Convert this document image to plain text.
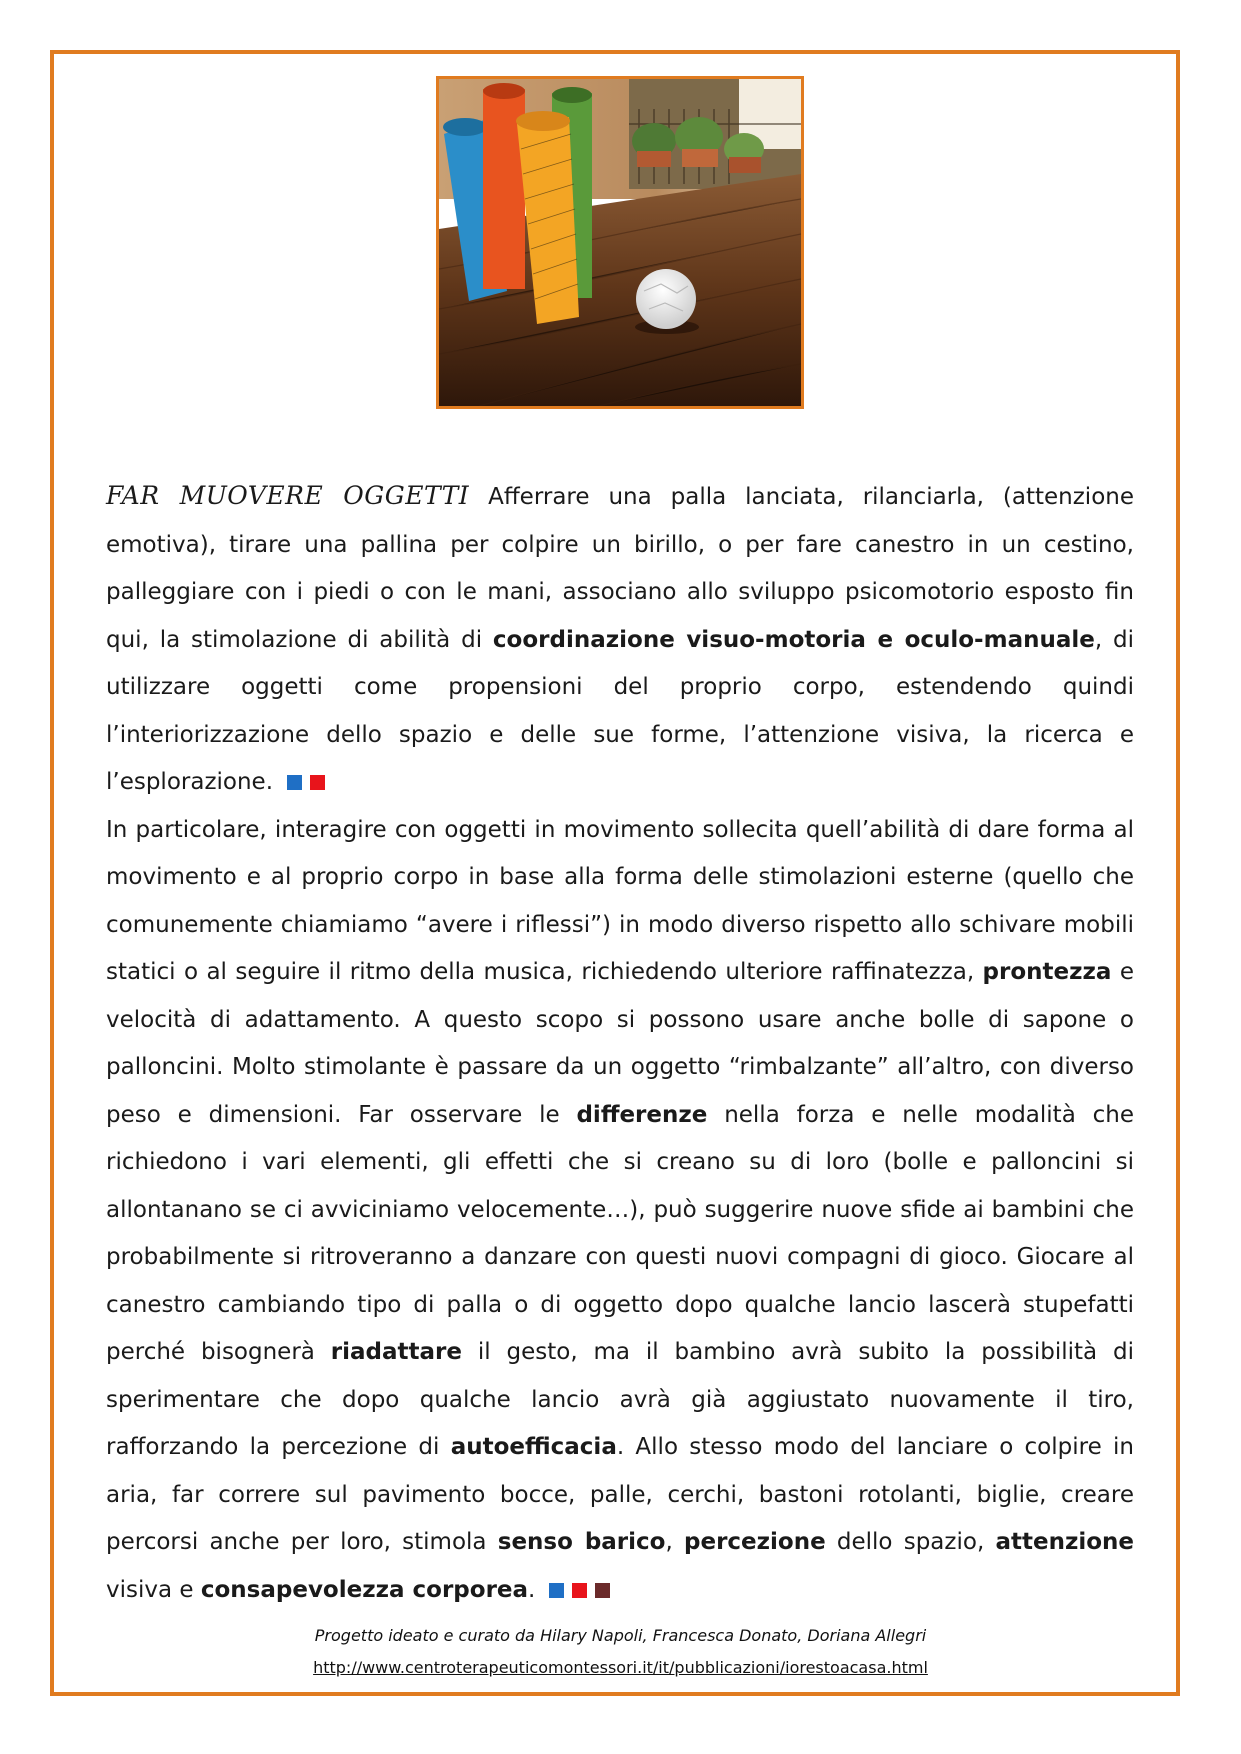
FAR MUOVERE OGGETTI Afferrare una palla lanciata, rilanciarla, (attenzione emotiva), tirare una pallina per colpire un birillo, o per fare canestro in un cestino, palleggiare con i piedi o con le mani, associano allo sviluppo psicomotorio esposto fin qui, la stimolazione di abilità di coordinazione visuo-motoria e oculo-manuale, di utilizzare oggetti come propensioni del proprio corpo, estendendo quindi l’interiorizzazione dello spazio e delle sue forme, l’attenzione visiva, la ricerca e l’esplorazione.

In particolare, interagire con oggetti in movimento sollecita quell’abilità di dare forma al movimento e al proprio corpo in base alla forma delle stimolazioni esterne (quello che comunemente chiamiamo “avere i riflessi”) in modo diverso rispetto allo schivare mobili statici o al seguire il ritmo della musica, richiedendo ulteriore raffinatezza, prontezza e velocità di adattamento. A questo scopo si possono usare anche bolle di sapone o palloncini. Molto stimolante è passare da un oggetto “rimbalzante” all’altro, con diverso peso e dimensioni. Far osservare le differenze nella forza e nelle modalità che richiedono i vari elementi, gli effetti che si creano su di loro (bolle e palloncini si allontanano se ci avviciniamo velocemente…), può suggerire nuove sfide ai bambini che probabilmente si ritroveranno a danzare con questi nuovi compagni di gioco. Giocare al canestro cambiando tipo di palla o di oggetto dopo qualche lancio lascerà stupefatti perché bisognerà riadattare il gesto, ma il bambino avrà subito la possibilità di sperimentare che dopo qualche lancio avrà già aggiustato nuovamente il tiro, rafforzando la percezione di autoefficacia. Allo stesso modo del lanciare o colpire in aria, far correre sul pavimento bocce, palle, cerchi, bastoni rotolanti, biglie, creare percorsi anche per loro, stimola senso barico, percezione dello spazio, attenzione visiva e consapevolezza corporea.

Progetto ideato e curato da Hilary Napoli, Francesca Donato, Doriana Allegri
http://www.centroterapeuticomontessori.it/it/pubblicazioni/iorestoacasa.html
